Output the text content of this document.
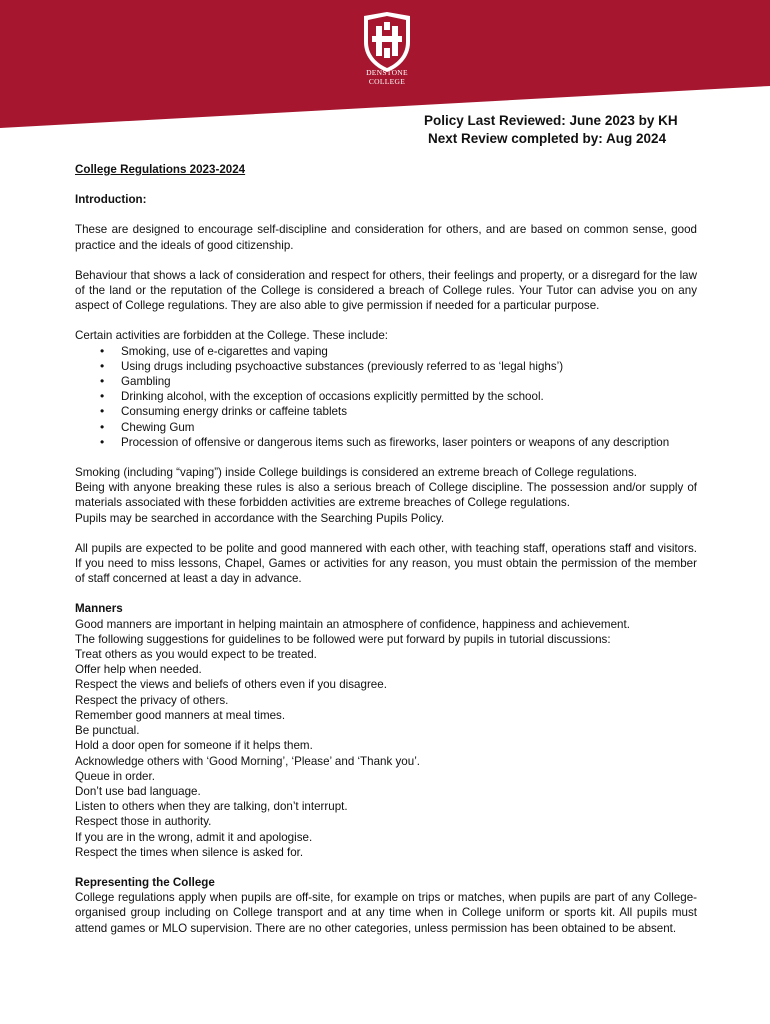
DENSTONE
COLLEGE
Policy Last Reviewed: June 2023 by KH
Next Review completed by: Aug 2024

College Regulations 2023-2024

Introduction:

These are designed to encourage self-discipline and consideration for others, and are based on common sense, good practice and the ideals of good citizenship.

Behaviour that shows a lack of consideration and respect for others, their feelings and property, or a disregard for the law of the land or the reputation of the College is considered a breach of College rules. Your Tutor can advise you on any aspect of College regulations. They are also able to give permission if needed for a particular purpose.

Certain activities are forbidden at the College. These include:

• Smoking, use of e-cigarettes and vaping
• Using drugs including psychoactive substances (previously referred to as ‘legal highs’)
• Gambling
• Drinking alcohol, with the exception of occasions explicitly permitted by the school.
• Consuming energy drinks or caffeine tablets
• Chewing Gum
• Procession of offensive or dangerous items such as fireworks, laser pointers or weapons of any description

Smoking (including “vaping”) inside College buildings is considered an extreme breach of College regulations.

Being with anyone breaking these rules is also a serious breach of College discipline. The possession and/or supply of materials associated with these forbidden activities are extreme breaches of College regulations.

Pupils may be searched in accordance with the Searching Pupils Policy.

All pupils are expected to be polite and good mannered with each other, with teaching staff, operations staff and visitors. If you need to miss lessons, Chapel, Games or activities for any reason, you must obtain the permission of the member of staff concerned at least a day in advance.

Manners

Good manners are important in helping maintain an atmosphere of confidence, happiness and achievement.

The following suggestions for guidelines to be followed were put forward by pupils in tutorial discussions:

Treat others as you would expect to be treated.

Offer help when needed.

Respect the views and beliefs of others even if you disagree.

Respect the privacy of others.

Remember good manners at meal times.

Be punctual.

Hold a door open for someone if it helps them.

Acknowledge others with ‘Good Morning’, ‘Please’ and ‘Thank you’.

Queue in order.

Don’t use bad language.

Listen to others when they are talking, don’t interrupt.

Respect those in authority.

If you are in the wrong, admit it and apologise.

Respect the times when silence is asked for.

Representing the College

College regulations apply when pupils are off-site, for example on trips or matches, when pupils are part of any College-organised group including on College transport and at any time when in College uniform or sports kit. All pupils must attend games or MLO supervision. There are no other categories, unless permission has been obtained to be absent.
